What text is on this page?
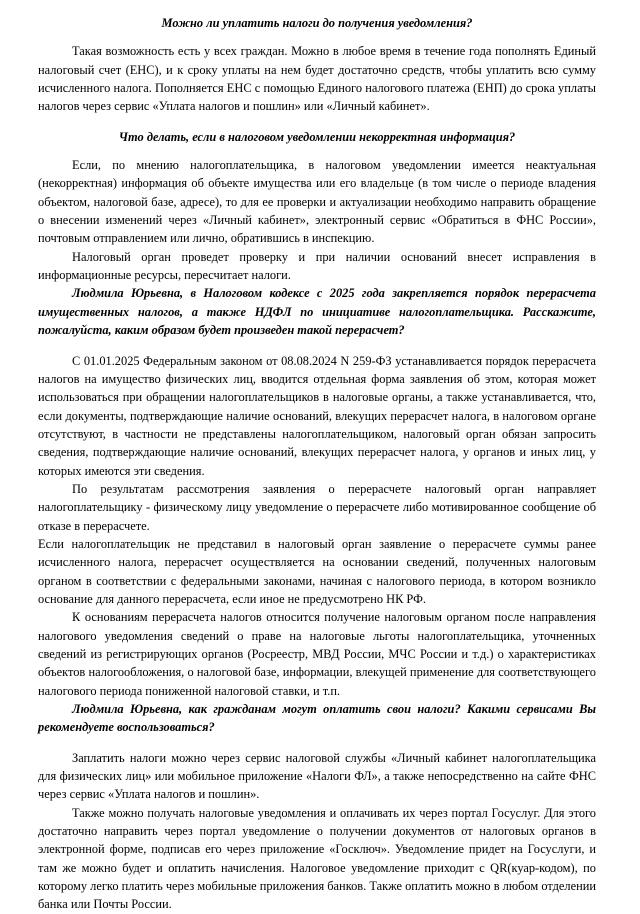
Можно ли уплатить налоги до получения уведомления?

Такая возможность есть у всех граждан. Можно в любое время в течение года пополнять Единый налоговый счет (ЕНС), и к сроку уплаты на нем будет достаточно средств, чтобы уплатить всю сумму исчисленного налога. Пополняется ЕНС с помощью Единого налогового платежа (ЕНП) до срока уплаты налогов через сервис «Уплата налогов и пошлин» или «Личный кабинет».

Что делать, если в налоговом уведомлении некорректная информация?

Если, по мнению налогоплательщика, в налоговом уведомлении имеется неактуальная (некорректная) информация об объекте имущества или его владельце (в том числе о периоде владения объектом, налоговой базе, адресе), то для ее проверки и актуализации необходимо направить обращение о внесении изменений через «Личный кабинет», электронный сервис «Обратиться в ФНС России», почтовым отправлением или лично, обратившись в инспекцию.

Налоговый орган проведет проверку и при наличии оснований внесет исправления в информационные ресурсы, пересчитает налоги.

Людмила Юрьевна, в Налоговом кодексе с 2025 года закрепляется порядок перерасчета имущественных налогов, а также НДФЛ по инициативе налогоплательщика. Расскажите, пожалуйста, каким образом будет произведен такой перерасчет?

С 01.01.2025 Федеральным законом от 08.08.2024 N 259-ФЗ устанавливается порядок перерасчета налогов на имущество физических лиц, вводится отдельная форма заявления об этом, которая может использоваться при обращении налогоплательщиков в налоговые органы, а также устанавливается, что, если документы, подтверждающие наличие оснований, влекущих перерасчет налога, в налоговом органе отсутствуют, в частности не представлены налогоплательщиком, налоговый орган обязан запросить сведения, подтверждающие наличие оснований, влекущих перерасчет налога, у органов и иных лиц, у которых имеются эти сведения.

По результатам рассмотрения заявления о перерасчете налоговый орган направляет налогоплательщику - физическому лицу уведомление о перерасчете либо мотивированное сообщение об отказе в перерасчете.

Если налогоплательщик не представил в налоговый орган заявление о перерасчете суммы ранее исчисленного налога, перерасчет осуществляется на основании сведений, полученных налоговым органом в соответствии с федеральными законами, начиная с налогового периода, в котором возникло основание для данного перерасчета, если иное не предусмотрено НК РФ.

К основаниям перерасчета налогов относится получение налоговым органом после направления налогового уведомления сведений о праве на налоговые льготы налогоплательщика, уточненных сведений из регистрирующих органов (Росреестр, МВД России, МЧС России и т.д.) о характеристиках объектов налогообложения, о налоговой базе, информации, влекущей применение для соответствующего налогового периода пониженной налоговой ставки, и т.п.

Людмила Юрьевна, как гражданам могут оплатить свои налоги? Какими сервисами Вы рекомендуете воспользоваться?

Заплатить налоги можно через сервис налоговой службы «Личный кабинет налогоплательщика для физических лиц» или мобильное приложение «Налоги ФЛ», а также непосредственно на сайте ФНС через сервис «Уплата налогов и пошлин».

Также можно получать налоговые уведомления и оплачивать их через портал Госуслуг. Для этого достаточно направить через портал уведомление о получении документов от налоговых органов в электронной форме, подписав его через приложение «Госключ». Уведомление придет на Госуслуги, и там же можно будет и оплатить начисления. Налоговое уведомление приходит с QR(куар-кодом), по которому легко платить через мобильные приложения банков. Также оплатить можно в любом отделении банка или Почты России.
